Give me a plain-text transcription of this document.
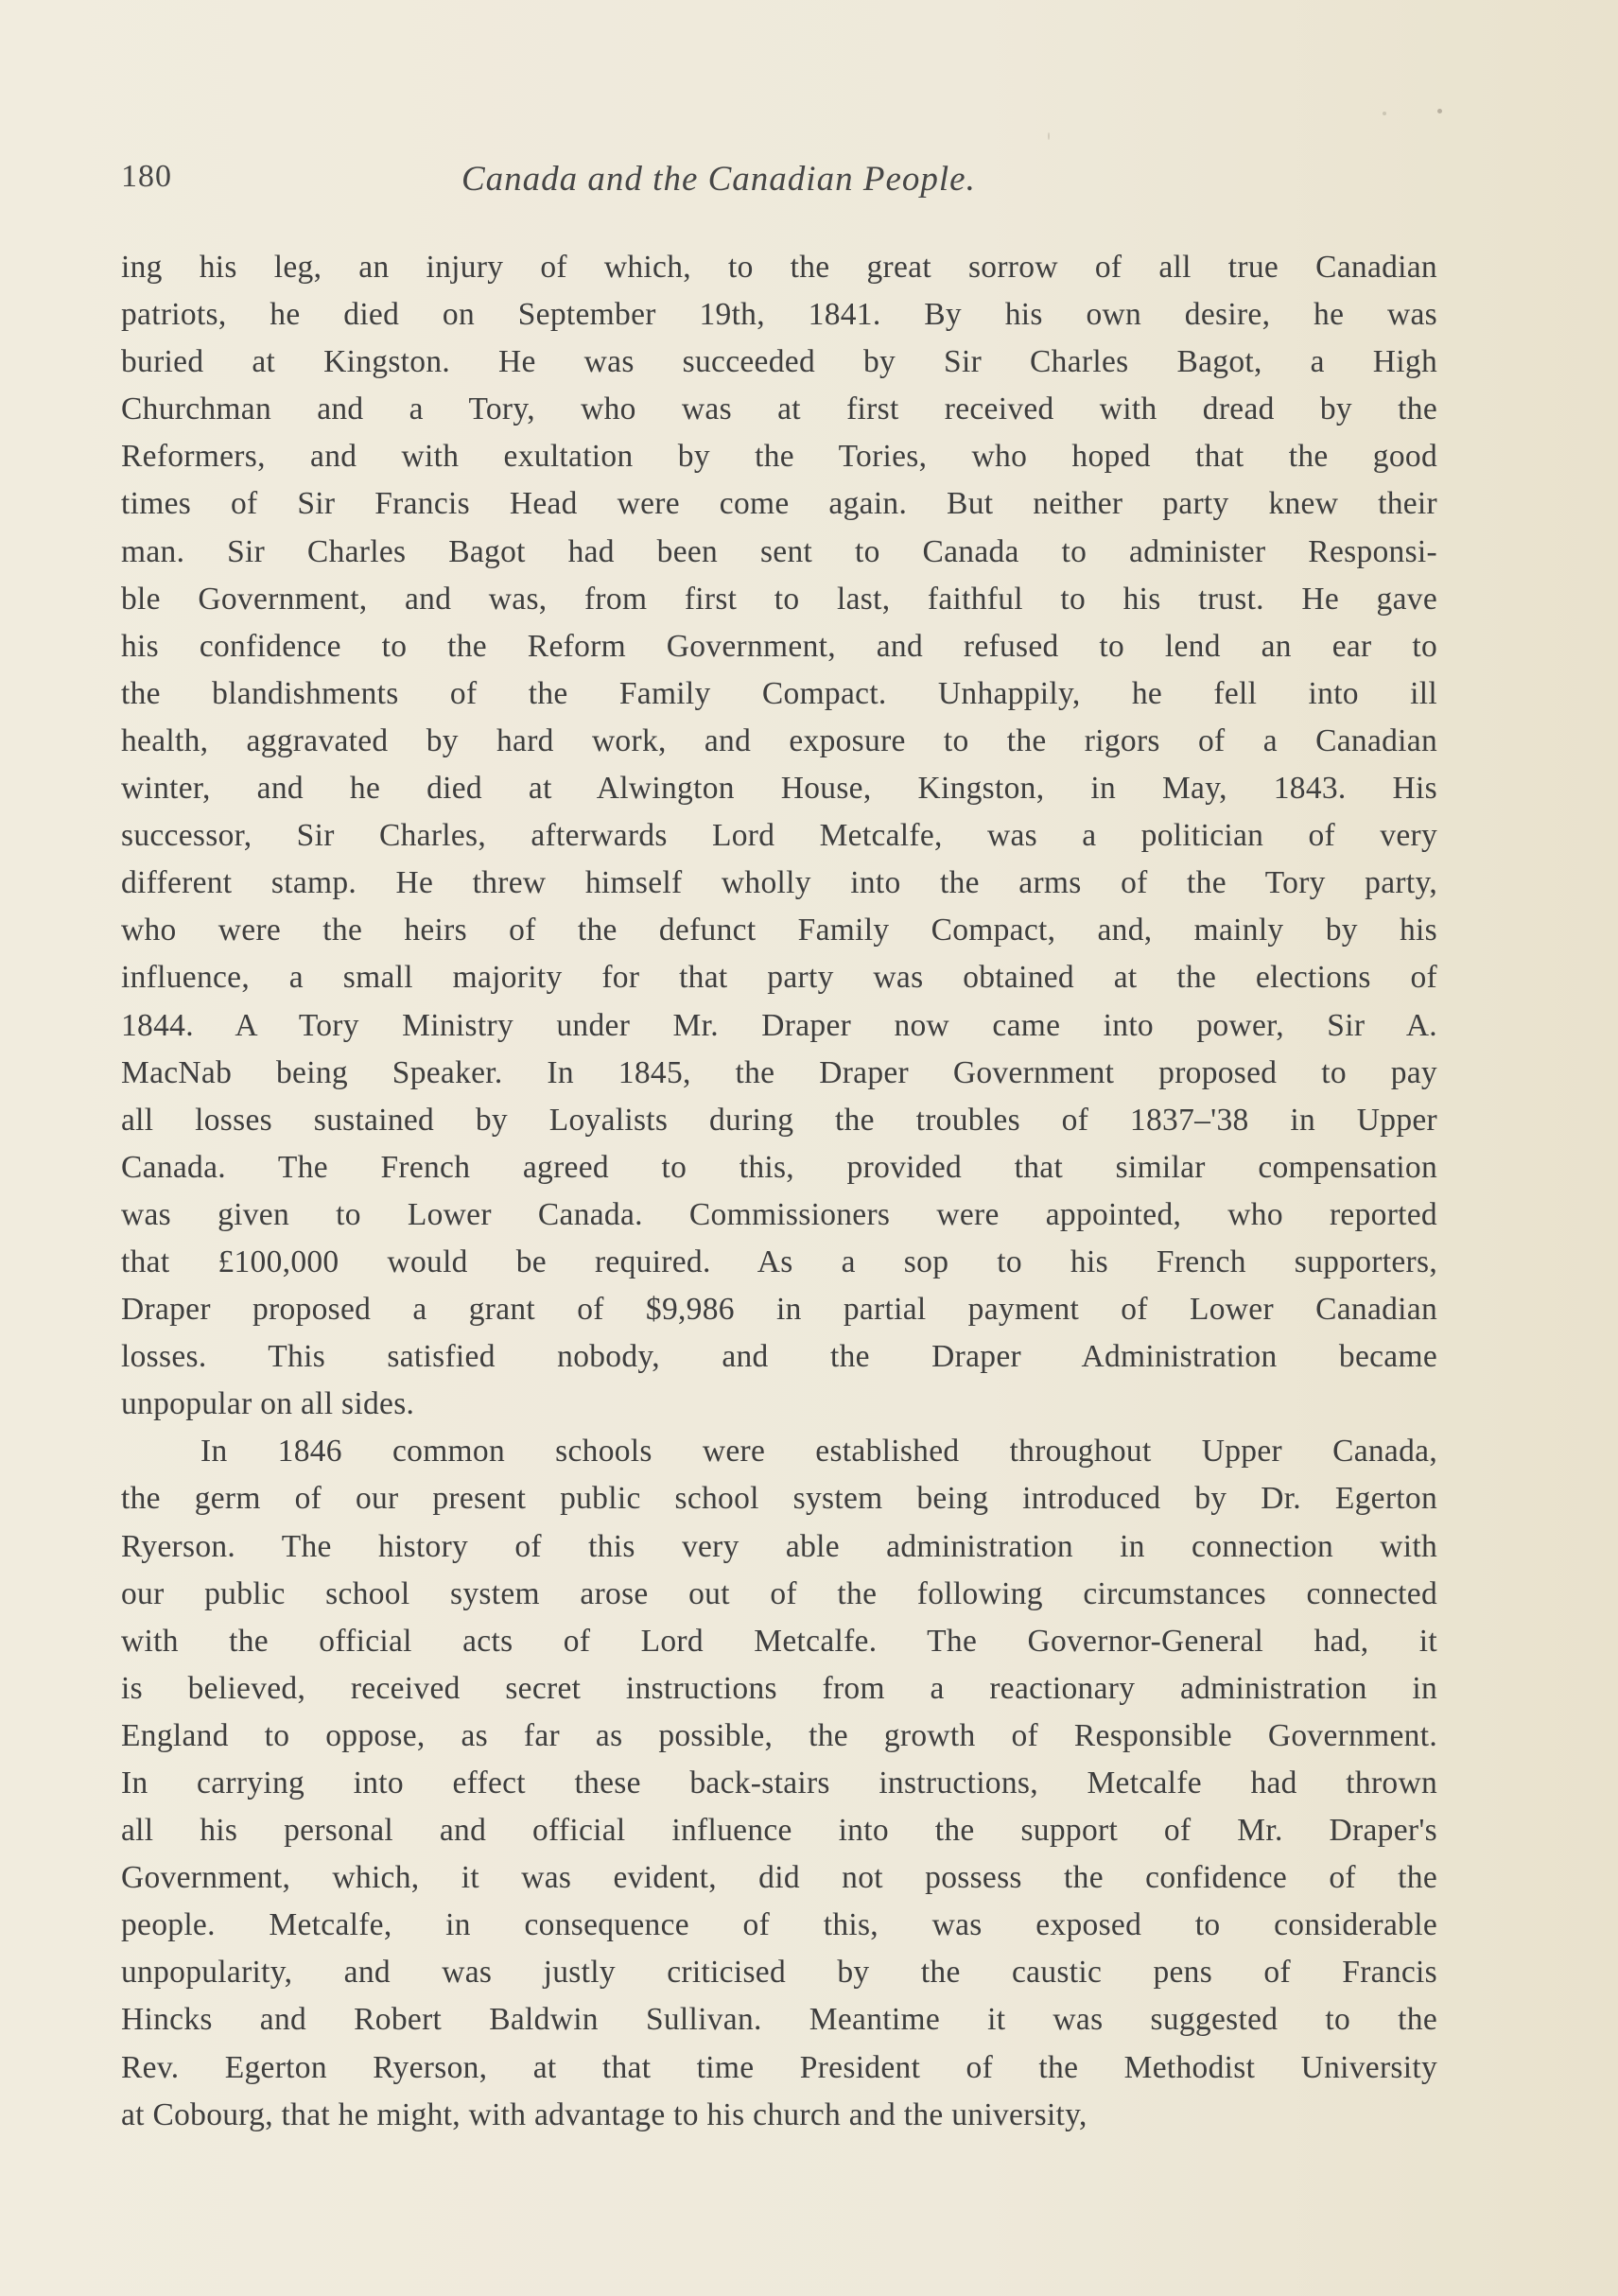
180	Canada and the Canadian People.
ing his leg, an injury of which, to the great sorrow of all true Canadian
patriots, he died on September 19th, 1841. By his own desire, he was
buried at Kingston. He was succeeded by Sir Charles Bagot, a High
Churchman and a Tory, who was at first received with dread by the
Reformers, and with exultation by the Tories, who hoped that the good
times of Sir Francis Head were come again. But neither party knew their
man. Sir Charles Bagot had been sent to Canada to administer Responsi-
ble Government, and was, from first to last, faithful to his trust. He gave
his confidence to the Reform Government, and refused to lend an ear to
the blandishments of the Family Compact. Unhappily, he fell into ill
health, aggravated by hard work, and exposure to the rigors of a Canadian
winter, and he died at Alwington House, Kingston, in May, 1843. His
successor, Sir Charles, afterwards Lord Metcalfe, was a politician of very
different stamp. He threw himself wholly into the arms of the Tory party,
who were the heirs of the defunct Family Compact, and, mainly by his
influence, a small majority for that party was obtained at the elections of
1844. A Tory Ministry under Mr. Draper now came into power, Sir A.
MacNab being Speaker. In 1845, the Draper Government proposed to pay
all losses sustained by Loyalists during the troubles of 1837–'38 in Upper
Canada. The French agreed to this, provided that similar compensation
was given to Lower Canada. Commissioners were appointed, who reported
that £100,000 would be required. As a sop to his French supporters,
Draper proposed a grant of $9,986 in partial payment of Lower Canadian
losses. This satisfied nobody, and the Draper Administration became
unpopular on all sides.
In 1846 common schools were established throughout Upper Canada,
the germ of our present public school system being introduced by Dr. Egerton
Ryerson. The history of this very able administration in connection with
our public school system arose out of the following circumstances connected
with the official acts of Lord Metcalfe. The Governor-General had, it
is believed, received secret instructions from a reactionary administration in
England to oppose, as far as possible, the growth of Responsible Government.
In carrying into effect these back-stairs instructions, Metcalfe had thrown
all his personal and official influence into the support of Mr. Draper's
Government, which, it was evident, did not possess the confidence of the
people. Metcalfe, in consequence of this, was exposed to considerable
unpopularity, and was justly criticised by the caustic pens of Francis
Hincks and Robert Baldwin Sullivan. Meantime it was suggested to the
Rev. Egerton Ryerson, at that time President of the Methodist University
at Cobourg, that he might, with advantage to his church and the university,
